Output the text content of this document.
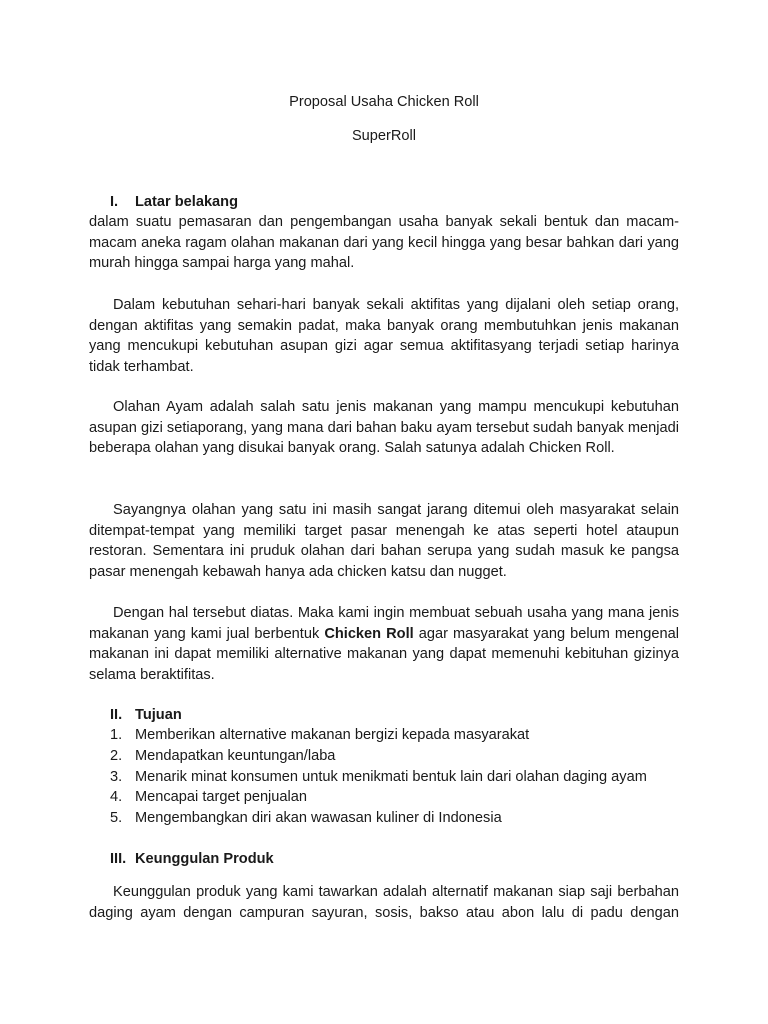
Proposal Usaha Chicken Roll
SuperRoll
I.	Latar belakang
dalam suatu pemasaran dan pengembangan usaha banyak sekali bentuk dan macam-macam aneka ragam olahan makanan dari yang kecil hingga yang besar bahkan dari yang murah hingga sampai harga yang mahal.
Dalam kebutuhan sehari-hari banyak sekali aktifitas yang dijalani oleh setiap orang, dengan aktifitas yang semakin padat, maka banyak orang membutuhkan jenis makanan yang mencukupi kebutuhan asupan gizi agar semua aktifitasyang terjadi setiap harinya tidak terhambat.
Olahan Ayam adalah salah satu jenis makanan yang mampu mencukupi kebutuhan asupan gizi setiaporang, yang mana dari bahan baku ayam tersebut sudah banyak menjadi beberapa olahan yang disukai banyak orang. Salah satunya adalah Chicken Roll.
Sayangnya olahan yang satu ini masih sangat jarang ditemui oleh masyarakat selain ditempat-tempat yang memiliki target pasar menengah ke atas seperti hotel ataupun restoran. Sementara ini pruduk olahan dari bahan serupa yang sudah masuk ke pangsa pasar menengah kebawah hanya ada chicken katsu dan nugget.
Dengan hal tersebut diatas. Maka kami ingin membuat sebuah usaha yang mana jenis makanan yang kami jual berbentuk Chicken Roll agar masyarakat yang belum mengenal makanan ini dapat memiliki alternative makanan yang dapat memenuhi kebituhan gizinya selama beraktifitas.
II. Tujuan
1. Memberikan alternative makanan bergizi kepada masyarakat
2. Mendapatkan keuntungan/laba
3. Menarik minat konsumen untuk menikmati bentuk lain dari olahan daging ayam
4. Mencapai target penjualan
5. Mengembangkan diri akan wawasan kuliner di Indonesia
III. Keunggulan Produk
Keunggulan produk yang kami tawarkan adalah alternatif makanan siap saji berbahan daging ayam dengan campuran sayuran, sosis, bakso atau abon lalu di padu dengan
